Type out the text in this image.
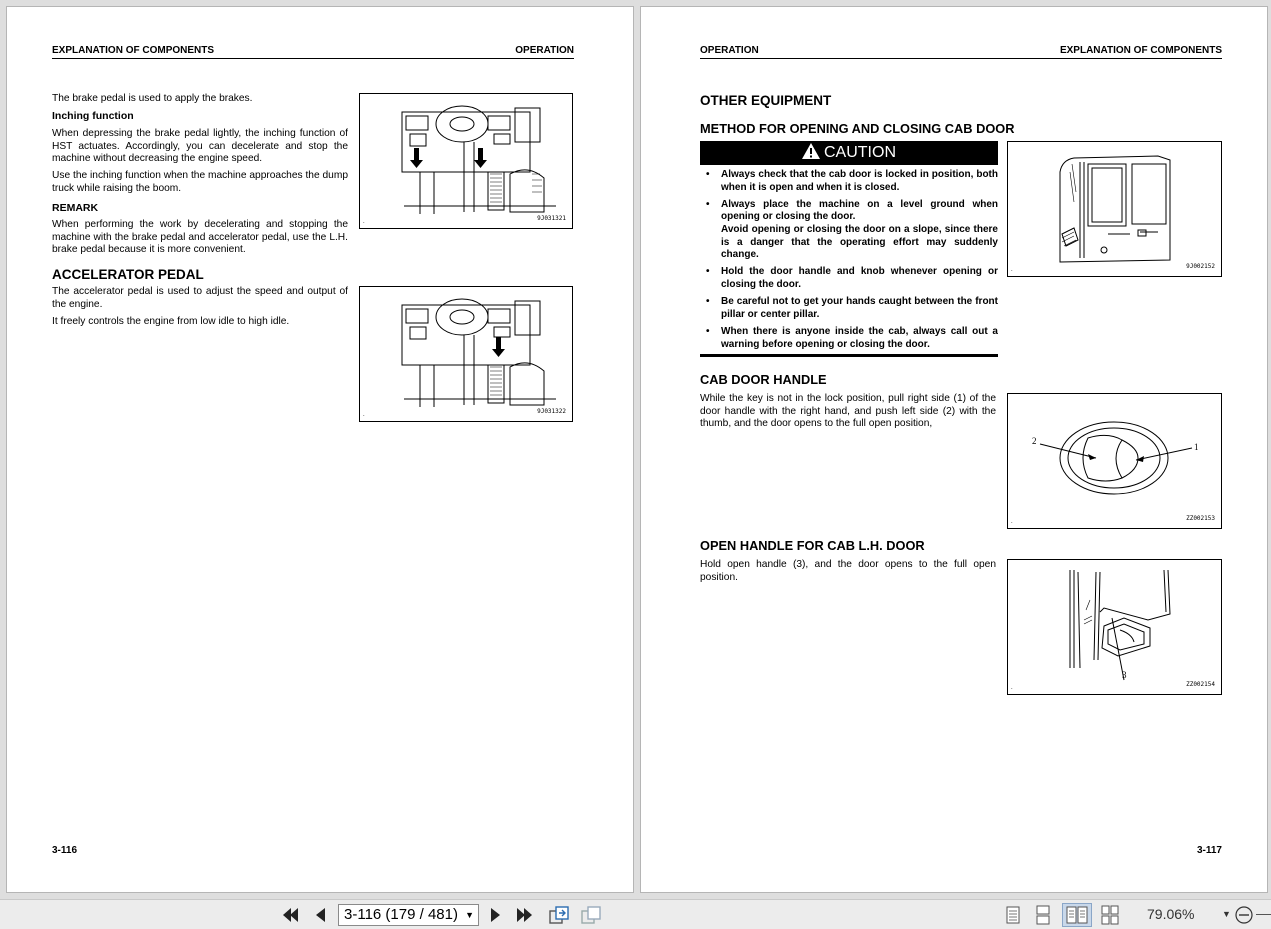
EXPLANATION OF COMPONENTS	OPERATION
The brake pedal is used to apply the brakes.
Inching function
When depressing the brake pedal lightly, the inching function of HST actuates. Accordingly, you can decelerate and stop the machine without decreasing the engine speed.
Use the inching function when the machine approaches the dump truck while raising the boom.
REMARK
When performing the work by decelerating and stopping the machine with the brake pedal and accelerator pedal, use the L.H. brake pedal because it is more convenient.
ACCELERATOR PEDAL
The accelerator pedal is used to adjust the speed and output of the engine.
It freely controls the engine from low idle to high idle.
.	9J031321
.	9J031322
3-116
OPERATION	EXPLANATION OF COMPONENTS
OTHER EQUIPMENT
METHOD FOR OPENING AND CLOSING CAB DOOR
CAUTION
• Always check that the cab door is locked in position, both when it is open and when it is closed.
• Always place the machine on a level ground when opening or closing the door.
Avoid opening or closing the door on a slope, since there is a danger that the operating effort may suddenly change.
• Hold the door handle and knob whenever opening or closing the door.
• Be careful not to get your hands caught between the front pillar or center pillar.
• When there is anyone inside the cab, always call out a warning before opening or closing the door.
CAB DOOR HANDLE
While the key is not in the lock position, pull right side (1) of the door handle with the right hand, and push left side (2) with the thumb, and the door opens to the full open position,
OPEN HANDLE FOR CAB L.H. DOOR
Hold open handle (3), and the door opens to the full open position.
.	9J002152
2
1
.	ZZ002153
3
.	ZZ002154
3-117
3-116 (179 / 481) ▼	79.06%	▼
